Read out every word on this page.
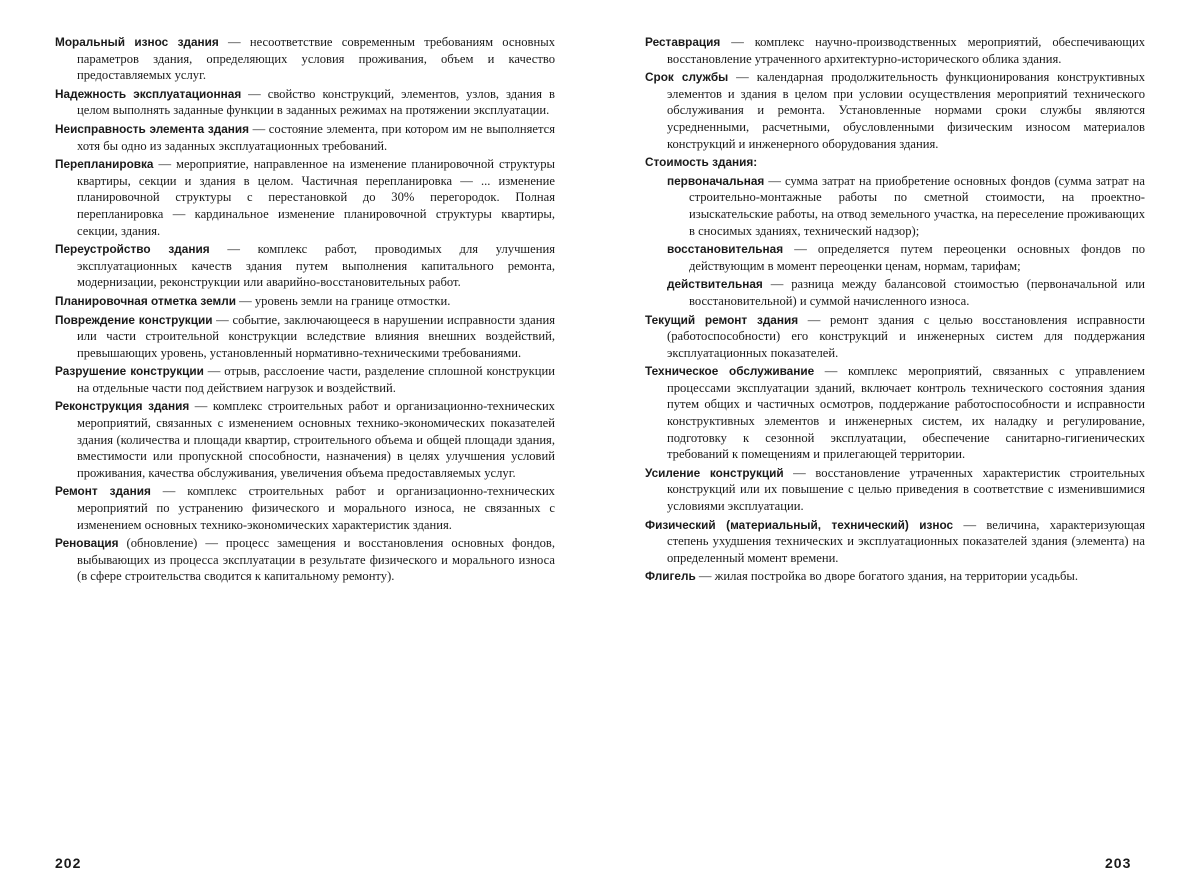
Моральный износ здания — несоответствие современным требованиям основных параметров здания, определяющих условия проживания, объем и качество предоставляемых услуг.

Надежность эксплуатационная — свойство конструкций, элементов, узлов, здания в целом выполнять заданные функции в заданных режимах на протяжении эксплуатации.

Неисправность элемента здания — состояние элемента, при котором им не выполняется хотя бы одно из заданных эксплуатационных требований.

Перепланировка — мероприятие, направленное на изменение планировочной структуры квартиры, секции и здания в целом. Частичная перепланировка — ... изменение планировочной структуры с перестановкой до 30% перегородок. Полная перепланировка — кардинальное изменение планировочной структуры квартиры, секции, здания.

Переустройство здания — комплекс работ, проводимых для улучшения эксплуатационных качеств здания путем выполнения капитального ремонта, модернизации, реконструкции или аварийно-восстановительных работ.

Планировочная отметка земли — уровень земли на границе отмостки.

Повреждение конструкции — событие, заключающееся в нарушении исправности здания или части строительной конструкции вследствие влияния внешних воздействий, превышающих уровень, установленный нормативно-техническими требованиями.

Разрушение конструкции — отрыв, расслоение части, разделение сплошной конструкции на отдельные части под действием нагрузок и воздействий.

Реконструкция здания — комплекс строительных работ и организационно-технических мероприятий, связанных с изменением основных технико-экономических показателей здания (количества и площади квартир, строительного объема и общей площади здания, вместимости или пропускной способности, назначения) в целях улучшения условий проживания, качества обслуживания, увеличения объема предоставляемых услуг.

Ремонт здания — комплекс строительных работ и организационно-технических мероприятий по устранению физического и морального износа, не связанных с изменением основных технико-экономических характеристик здания.

Реновация (обновление) — процесс замещения и восстановления основных фондов, выбывающих из процесса эксплуатации в результате физического и морального износа (в сфере строительства сводится к капитальному ремонту).

Реставрация — комплекс научно-производственных мероприятий, обеспечивающих восстановление утраченного архитектурно-исторического облика здания.

Срок службы — календарная продолжительность функционирования конструктивных элементов и здания в целом при условии осуществления мероприятий технического обслуживания и ремонта. Установленные нормами сроки службы являются усредненными, расчетными, обусловленными физическим износом материалов конструкций и инженерного оборудования здания.

Стоимость здания:

первоначальная — сумма затрат на приобретение основных фондов (сумма затрат на строительно-монтажные работы по сметной стоимости, на проектно-изыскательские работы, на отвод земельного участка, на переселение проживающих в сносимых зданиях, технический надзор);

восстановительная — определяется путем переоценки основных фондов по действующим в момент переоценки ценам, нормам, тарифам;

действительная — разница между балансовой стоимостью (первоначальной или восстановительной) и суммой начисленного износа.

Текущий ремонт здания — ремонт здания с целью восстановления исправности (работоспособности) его конструкций и инженерных систем для поддержания эксплуатационных показателей.

Техническое обслуживание — комплекс мероприятий, связанных с управлением процессами эксплуатации зданий, включает контроль технического состояния здания путем общих и частичных осмотров, поддержание работоспособности и исправности конструктивных элементов и инженерных систем, их наладку и регулирование, подготовку к сезонной эксплуатации, обеспечение санитарно-гигиенических требований к помещениям и прилегающей территории.

Усиление конструкций — восстановление утраченных характеристик строительных конструкций или их повышение с целью приведения в соответствие с изменившимися условиями эксплуатации.

Физический (материальный, технический) износ — величина, характеризующая степень ухудшения технических и эксплуатационных показателей здания (элемента) на определенный момент времени.

Флигель — жилая постройка во дворе богатого здания, на территории усадьбы.

202	203
